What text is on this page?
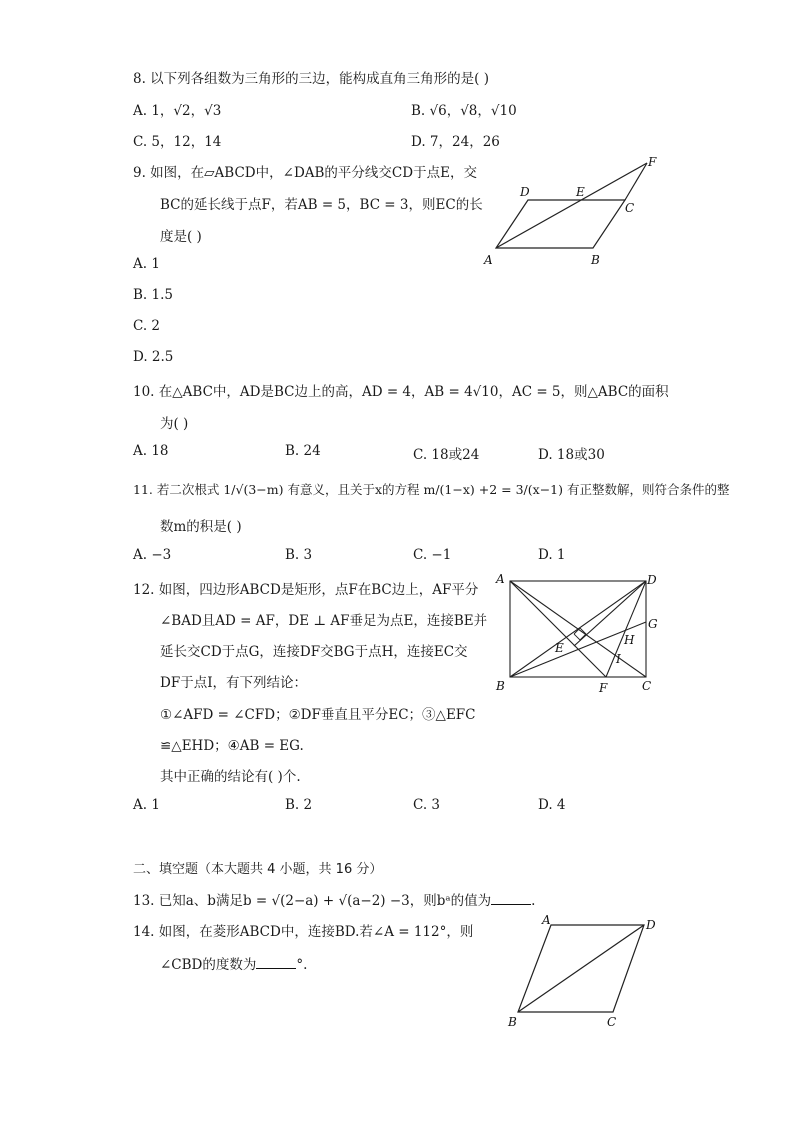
8. 以下列各组数为三角形的三边，能构成直角三角形的是( )
A. 1，√2，√3	B. √6，√8，√10
C. 5，12，14	D. 7，24，26
9. 如图，在▱ABCD中，∠DAB的平分线交CD于点E，交
BC的延长线于点F，若AB = 5，BC = 3，则EC的长
度是( )
A. 1
B. 1.5
C. 2
D. 2.5
A	B
C
D	E
F
10. 在△ABC中，AD是BC边上的高，AD = 4，AB = 4√10，AC = 5，则△ABC的面积
为( )
A. 18	B. 24	C. 18或24	D. 18或30
11. 若二次根式 1/√(3−m) 有意义，且关于x的方程 m/(1−x) +2 = 3/(x−1) 有正整数解，则符合条件的整
数m的积是( )
A. −3	B. 3	C. −1	D. 1
12. 如图，四边形ABCD是矩形，点F在BC边上，AF平分
∠BAD且AD = AF，DE ⊥ AF垂足为点E，连接BE并
延长交CD于点G，连接DF交BG于点H，连接EC交
DF于点I，有下列结论：
①∠AFD = ∠CFD；②DF垂直且平分EC；③△EFC
≌△EHD；④AB = EG.
其中正确的结论有( )个.
A. 1	B. 2	C. 3	D. 4
A
B	C
D
E
F
G
H
I
二、填空题（本大题共 4 小题，共 16 分）
13. 已知a、b满足b = √(2−a) + √(a−2) −3，则bᵃ的值为	.
14. 如图，在菱形ABCD中，连接BD.若∠A = 112°，则
∠CBD的度数为	°.
A
B	C
D
